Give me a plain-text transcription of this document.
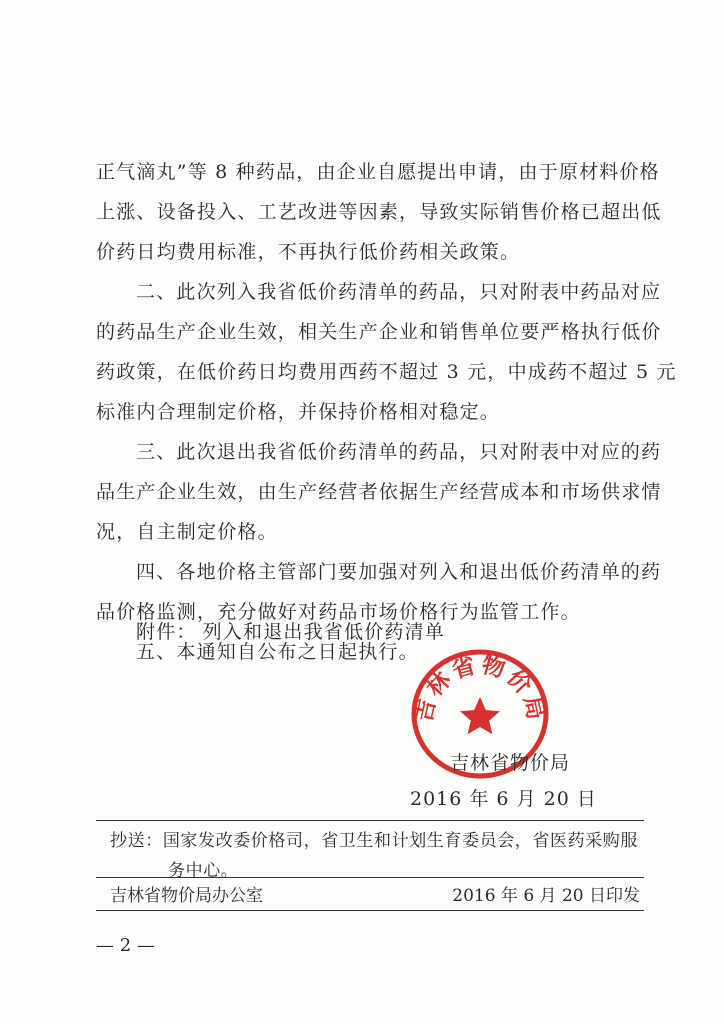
正气滴丸”等 8 种药品，由企业自愿提出申请，由于原材料价格
上涨、设备投入、工艺改进等因素，导致实际销售价格已超出低
价药日均费用标准，不再执行低价药相关政策。
二、此次列入我省低价药清单的药品，只对附表中药品对应
的药品生产企业生效，相关生产企业和销售单位要严格执行低价
药政策，在低价药日均费用西药不超过 3 元，中成药不超过 5 元
标准内合理制定价格，并保持价格相对稳定。
三、此次退出我省低价药清单的药品，只对附表中对应的药
品生产企业生效，由生产经营者依据生产经营成本和市场供求情
况，自主制定价格。
四、各地价格主管部门要加强对列入和退出低价药清单的药
品价格监测，充分做好对药品市场价格行为监管工作。
五、本通知自公布之日起执行。
附件： 列入和退出我省低价药清单
吉林省物价局
吉林省物价局
2016 年 6 月 20 日
抄送：国家发改委价格司，省卫生和计划生育委员会，省医药采购服
务中心。
吉林省物价局办公室	2016 年 6 月 20 日印发
— 2 —
